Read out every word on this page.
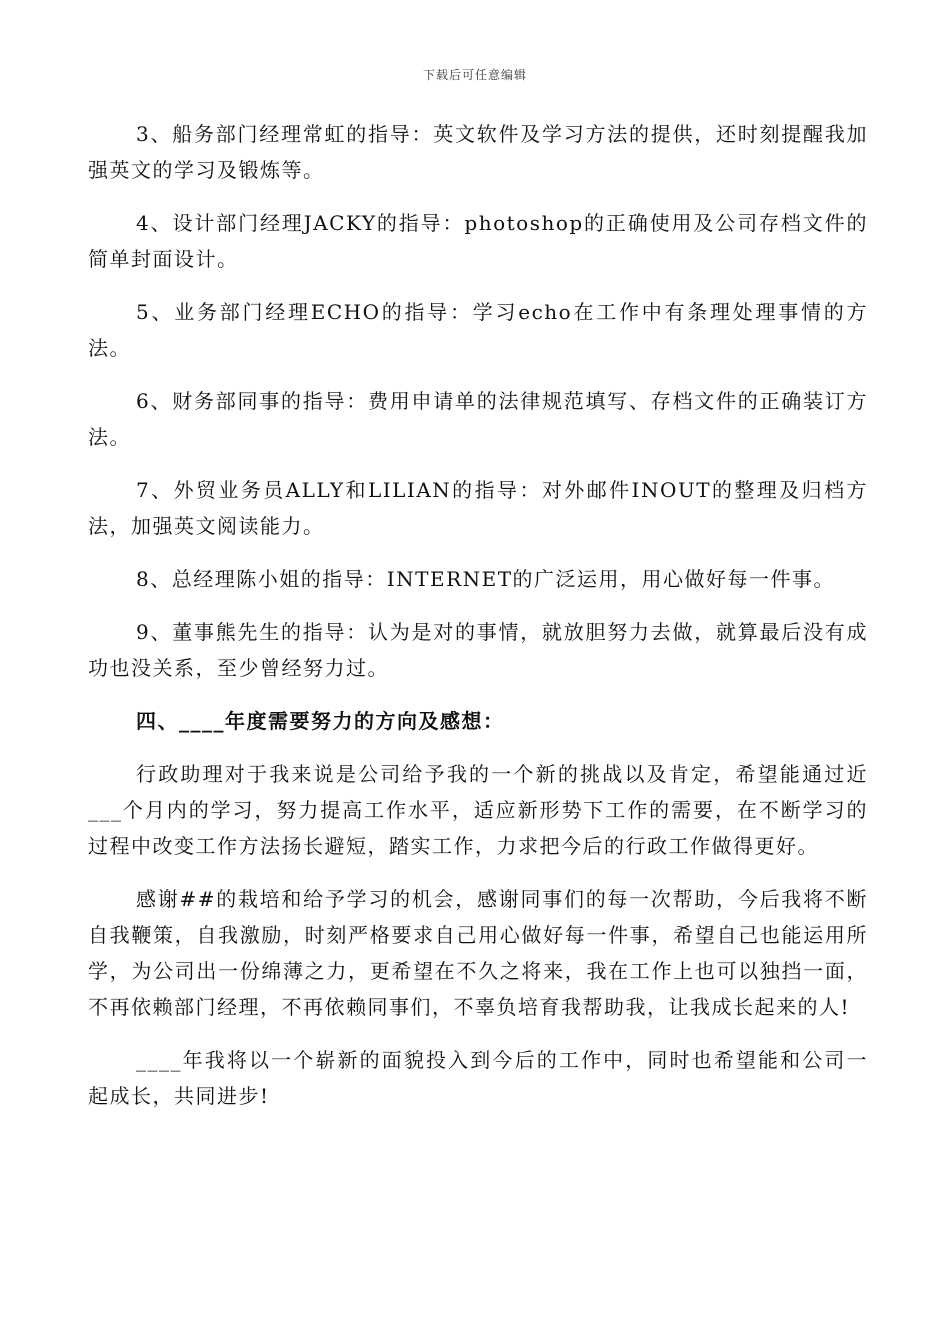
下载后可任意编辑

3、船务部门经理常虹的指导：英文软件及学习方法的提供，还时刻提醒我加强英文的学习及锻炼等。

4、设计部门经理JACKY的指导：photoshop的正确使用及公司存档文件的简单封面设计。

5、业务部门经理ECHO的指导：学习echo在工作中有条理处理事情的方法。

6、财务部同事的指导：费用申请单的法律规范填写、存档文件的正确装订方法。

7、外贸业务员ALLY和LILIAN的指导：对外邮件INOUT的整理及归档方法，加强英文阅读能力。

8、总经理陈小姐的指导：INTERNET的广泛运用，用心做好每一件事。

9、董事熊先生的指导：认为是对的事情，就放胆努力去做，就算最后没有成功也没关系，至少曾经努力过。

四、____年度需要努力的方向及感想：

行政助理对于我来说是公司给予我的一个新的挑战以及肯定，希望能通过近___个月内的学习，努力提高工作水平，适应新形势下工作的需要，在不断学习的过程中改变工作方法扬长避短，踏实工作，力求把今后的行政工作做得更好。

感谢##的栽培和给予学习的机会，感谢同事们的每一次帮助，今后我将不断自我鞭策，自我激励，时刻严格要求自己用心做好每一件事，希望自己也能运用所学，为公司出一份绵薄之力，更希望在不久之将来，我在工作上也可以独挡一面，不再依赖部门经理，不再依赖同事们，不辜负培育我帮助我，让我成长起来的人!

____年我将以一个崭新的面貌投入到今后的工作中，同时也希望能和公司一起成长，共同进步!
